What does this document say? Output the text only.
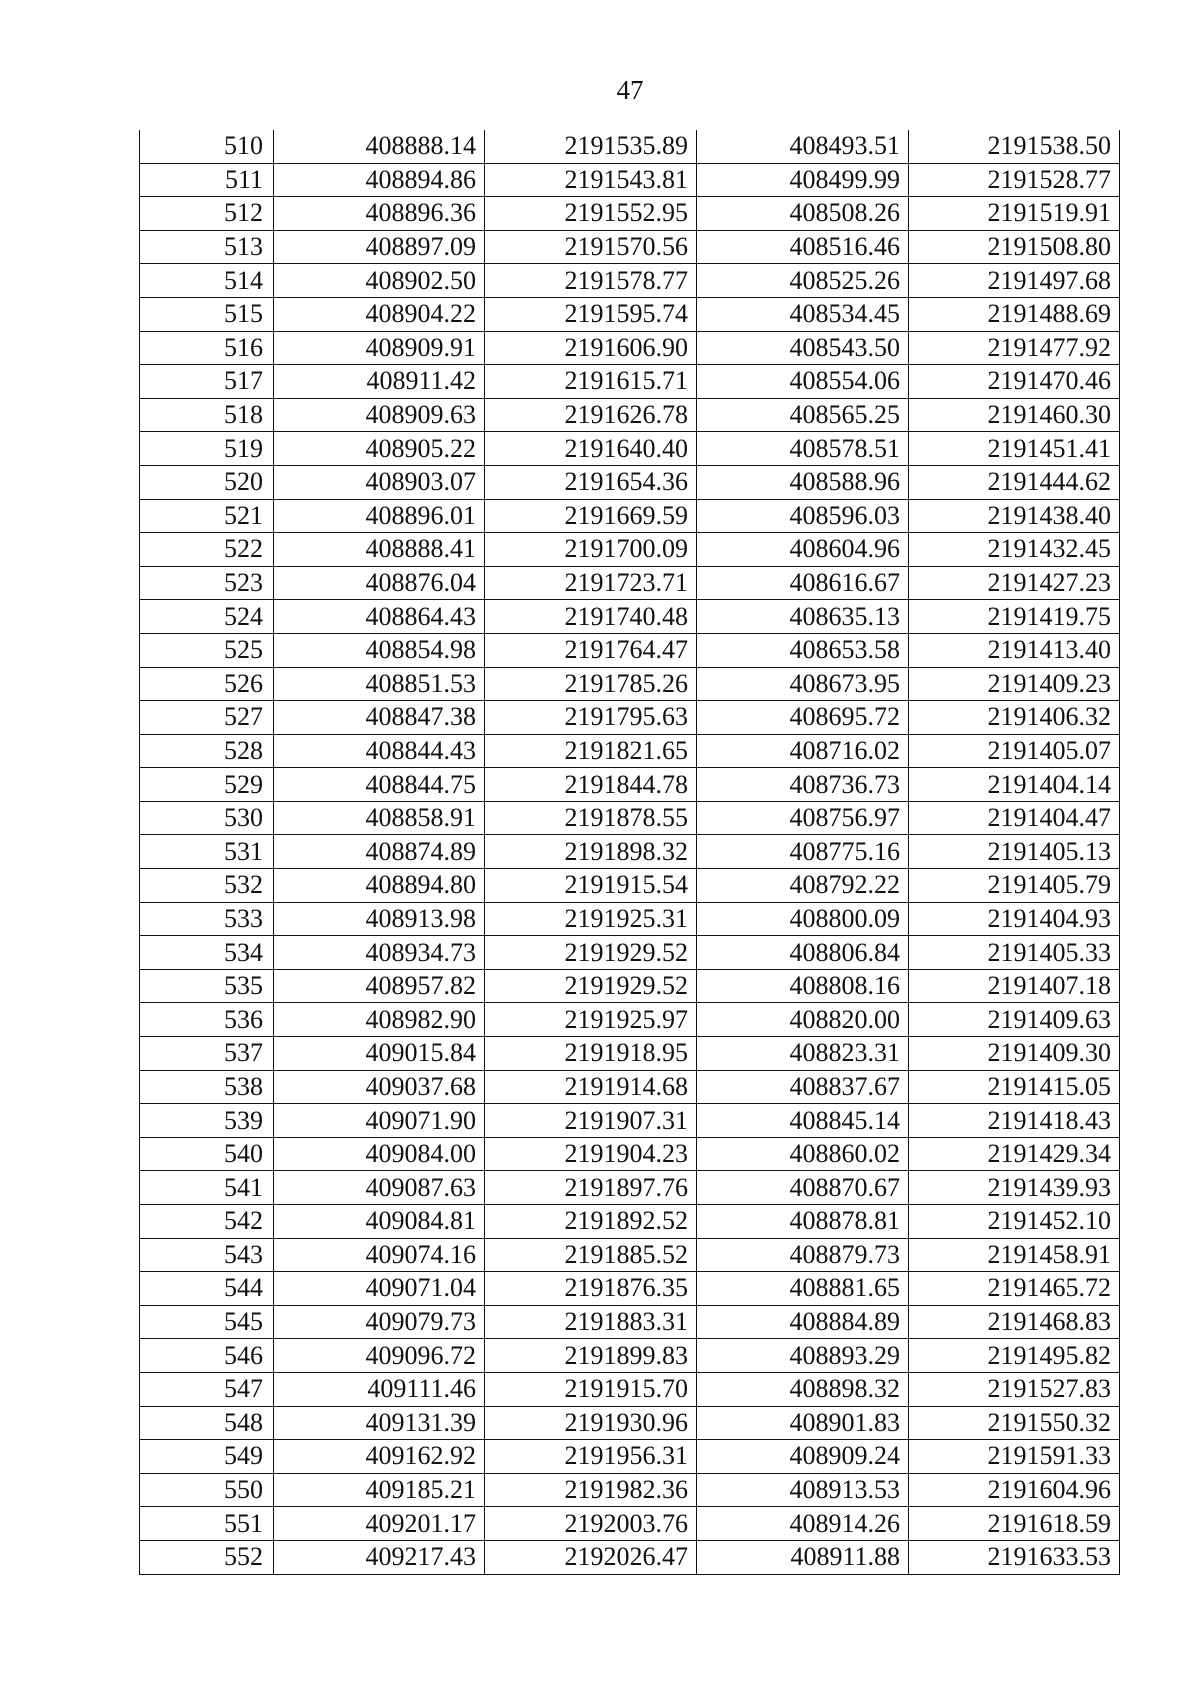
47
510	408888.14	2191535.89	408493.51	2191538.50
511	408894.86	2191543.81	408499.99	2191528.77
512	408896.36	2191552.95	408508.26	2191519.91
513	408897.09	2191570.56	408516.46	2191508.80
514	408902.50	2191578.77	408525.26	2191497.68
515	408904.22	2191595.74	408534.45	2191488.69
516	408909.91	2191606.90	408543.50	2191477.92
517	408911.42	2191615.71	408554.06	2191470.46
518	408909.63	2191626.78	408565.25	2191460.30
519	408905.22	2191640.40	408578.51	2191451.41
520	408903.07	2191654.36	408588.96	2191444.62
521	408896.01	2191669.59	408596.03	2191438.40
522	408888.41	2191700.09	408604.96	2191432.45
523	408876.04	2191723.71	408616.67	2191427.23
524	408864.43	2191740.48	408635.13	2191419.75
525	408854.98	2191764.47	408653.58	2191413.40
526	408851.53	2191785.26	408673.95	2191409.23
527	408847.38	2191795.63	408695.72	2191406.32
528	408844.43	2191821.65	408716.02	2191405.07
529	408844.75	2191844.78	408736.73	2191404.14
530	408858.91	2191878.55	408756.97	2191404.47
531	408874.89	2191898.32	408775.16	2191405.13
532	408894.80	2191915.54	408792.22	2191405.79
533	408913.98	2191925.31	408800.09	2191404.93
534	408934.73	2191929.52	408806.84	2191405.33
535	408957.82	2191929.52	408808.16	2191407.18
536	408982.90	2191925.97	408820.00	2191409.63
537	409015.84	2191918.95	408823.31	2191409.30
538	409037.68	2191914.68	408837.67	2191415.05
539	409071.90	2191907.31	408845.14	2191418.43
540	409084.00	2191904.23	408860.02	2191429.34
541	409087.63	2191897.76	408870.67	2191439.93
542	409084.81	2191892.52	408878.81	2191452.10
543	409074.16	2191885.52	408879.73	2191458.91
544	409071.04	2191876.35	408881.65	2191465.72
545	409079.73	2191883.31	408884.89	2191468.83
546	409096.72	2191899.83	408893.29	2191495.82
547	409111.46	2191915.70	408898.32	2191527.83
548	409131.39	2191930.96	408901.83	2191550.32
549	409162.92	2191956.31	408909.24	2191591.33
550	409185.21	2191982.36	408913.53	2191604.96
551	409201.17	2192003.76	408914.26	2191618.59
552	409217.43	2192026.47	408911.88	2191633.53
